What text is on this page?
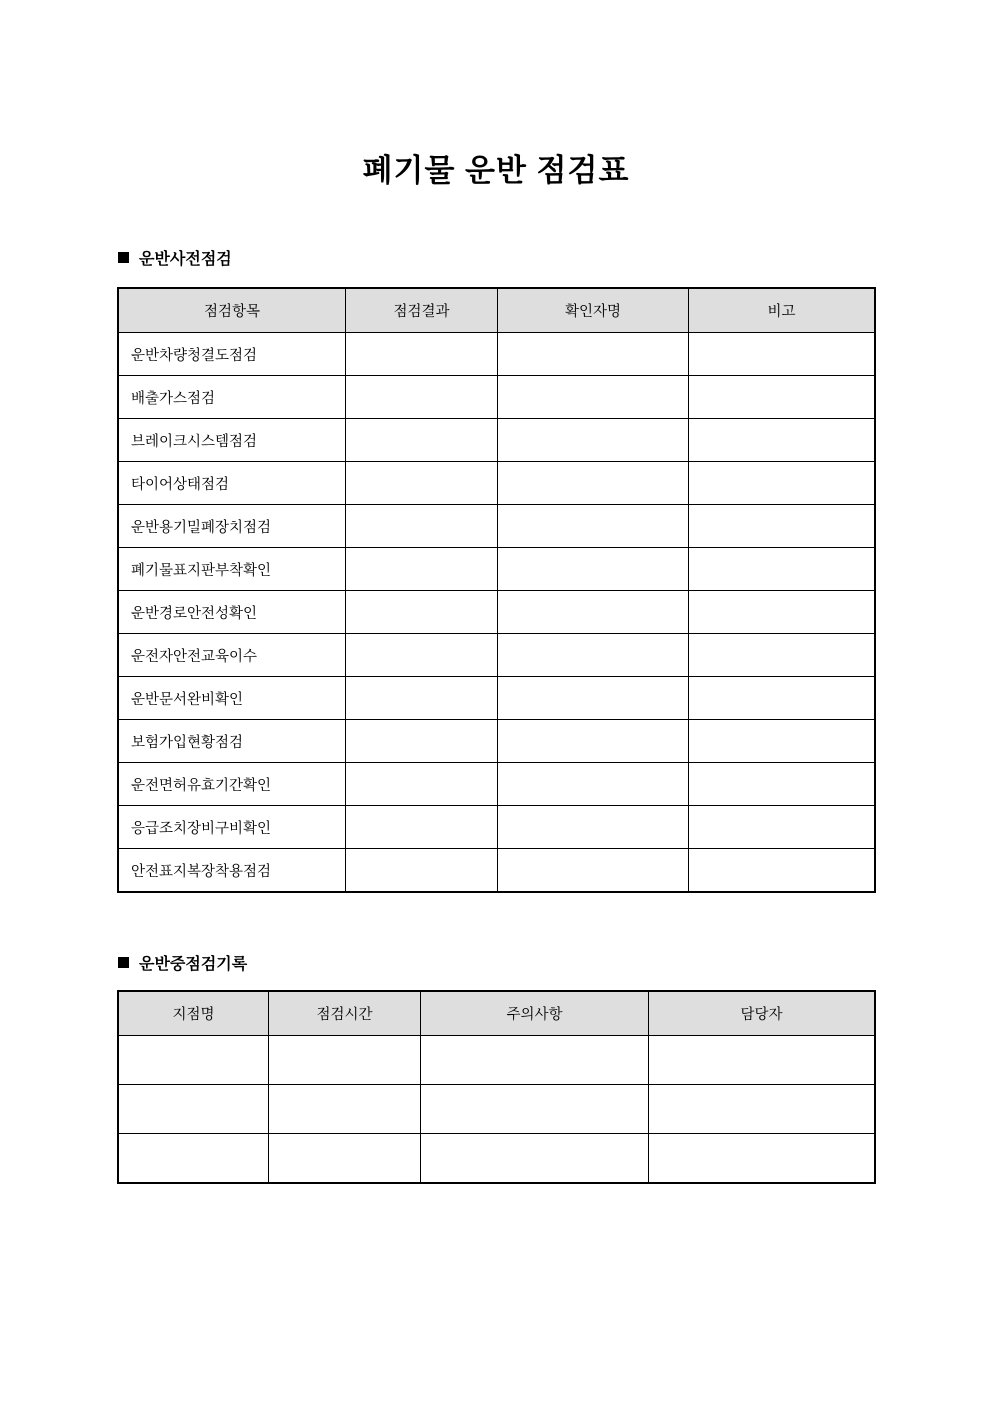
폐기물 운반 점검표
운반사전점검
점검항목	점검결과	확인자명	비고
운반차량청결도점검			
배출가스점검			
브레이크시스템점검			
타이어상태점검			
운반용기밀폐장치점검			
폐기물표지판부착확인			
운반경로안전성확인			
운전자안전교육이수			
운반문서완비확인			
보험가입현황점검			
운전면허유효기간확인			
응급조치장비구비확인			
안전표지복장착용점검			
운반중점검기록
지점명	점검시간	주의사항	담당자
